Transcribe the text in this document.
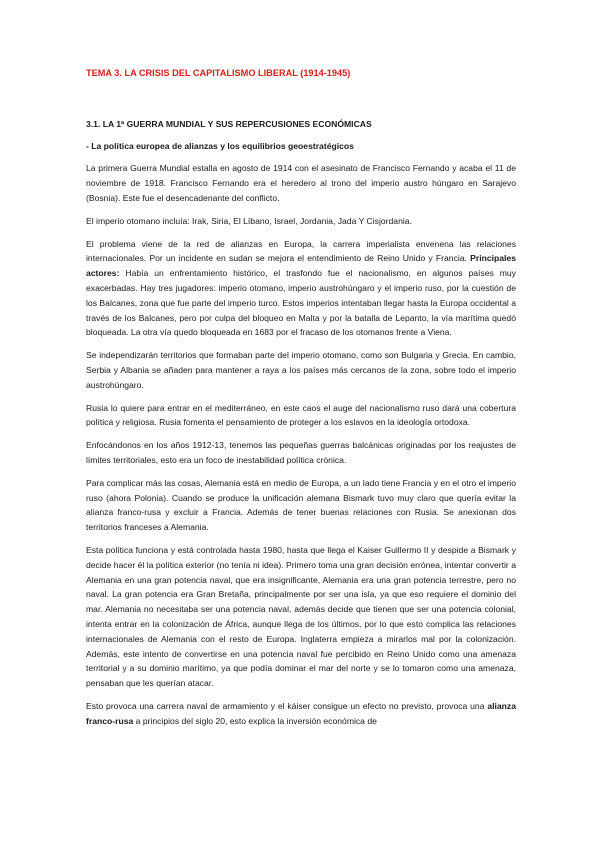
TEMA 3. LA CRISIS DEL CAPITALISMO LIBERAL (1914-1945)
3.1. LA 1ª GUERRA MUNDIAL Y SUS REPERCUSIONES ECONÓMICAS
- La política europea de alianzas y los equilibrios geoestratégicos

La primera Guerra Mundial estalla en agosto de 1914 con el asesinato de Francisco Fernando y acaba el 11 de noviembre de 1918. Francisco Fernando era el heredero al trono del imperio austro húngaro en Sarajevo (Bosnia). Este fue el desencadenante del conflicto.

El imperio otomano incluía: Irak, Siria, El Líbano, Israel, Jordania, Jada Y Cisjordania.

El problema viene de la red de alianzas en Europa, la carrera imperialista envenena las relaciones internacionales. Por un incidente en sudan se mejora el entendimiento de Reino Unido y Francia. Principales actores: Había un enfrentamiento histórico, el trasfondo fue el nacionalismo, en algunos países muy exacerbadas. Hay tres jugadores: imperio otomano, imperio austrohúngaro y el imperio ruso, por la cuestión de los Balcanes, zona que fue parte del imperio turco. Estos imperios intentaban llegar hasta la Europa occidental a través de los Balcanes, pero por culpa del bloqueo en Malta y por la batalla de Lepanto, la vía marítima quedó bloqueada. La otra vía quedo bloqueada en 1683 por el fracaso de los otomanos frente a Viena.

Se independizarán territorios que formaban parte del imperio otomano, como son Bulgaria y Grecia. En cambio, Serbia y Albania se añaden para mantener a raya a los países más cercanos de la zona, sobre todo el imperio austrohúngaro.

Rusia lo quiere para entrar en el mediterráneo, en este caos el auge del nacionalismo ruso dará una cobertura política y religiosa. Rusia fomenta el pensamiento de proteger a los eslavos en la ideología ortodoxa.

Enfocándonos en los años 1912-13, tenemos las pequeñas guerras balcánicas originadas por los reajustes de límites territoriales, esto era un foco de inestabilidad política crónica.

Para complicar más las cosas, Alemania está en medio de Europa, a un lado tiene Francia y en el otro el imperio ruso (ahora Polonia). Cuando se produce la unificación alemana Bismark tuvo muy claro que quería evitar la alianza franco-rusa y excluir a Francia. Además de tener buenas relaciones con Rusia. Se anexionan dos territorios franceses a Alemania.

Esta política funciona y está controlada hasta 1980, hasta que llega el Kaiser Guillermo II y despide a Bismark y decide hacer él la política exterior (no tenía ni idea). Primero toma una gran decisión errónea, intentar convertir a Alemania en una gran potencia naval, que era insignificante, Alemania era una gran potencia terrestre, pero no naval. La gran potencia era Gran Bretaña, principalmente por ser una isla, ya que eso requiere el dominio del mar. Alemania no necesitaba ser una potencia naval, además decide que tienen que ser una potencia colonial, intenta entrar en la colonización de África, aunque llega de los últimos, por lo que esto complica las relaciones internacionales de Alemania con el resto de Europa. Inglaterra empieza a mirarlos mal por la colonización. Además, este intento de convertirse en una potencia naval fue percibido en Reino Unido como una amenaza territorial y a su dominio marítimo, ya que podía dominar el mar del norte y se lo tomaron como una amenaza, pensaban que les querían atacar.

Esto provoca una carrera naval de armamiento y el káiser consigue un efecto no previsto, provoca una alianza franco-rusa a principios del siglo 20, esto explica la inversión económica de
